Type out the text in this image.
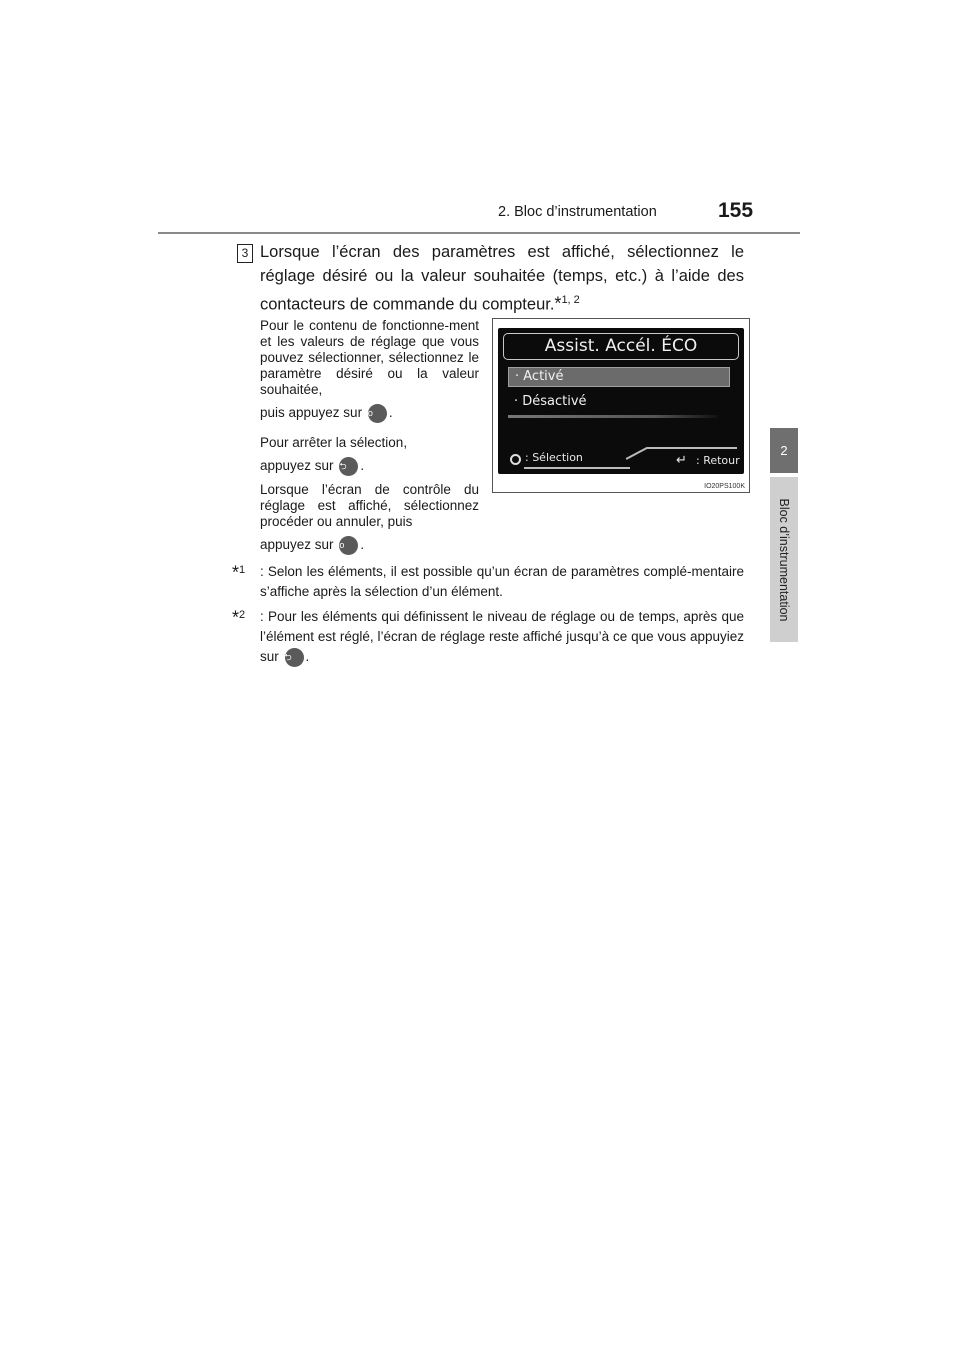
2. Bloc d’instrumentation	155
2
Bloc d’instrumentation
3 Lorsque l’écran des paramètres est affiché, sélectionnez le réglage désiré ou la valeur souhaitée (temps, etc.) à l’aide des contacteurs de commande du compteur.*$^{1, 2}$
Pour le contenu de fonctionne-ment et les valeurs de réglage que vous pouvez sélectionner, sélectionnez le paramètre désiré ou la valeur souhaitée,
puis appuyez sur o .
Pour arrêter la sélection,
appuyez sur ⮌ .
Lorsque l’écran de contrôle du réglage est affiché, sélectionnez procéder ou annuler, puis
appuyez sur o .
Assist. Accél. ÉCO
· Activé
· Désactivé
: Sélection	↵ : Retour
IO20PS100K
*$^1$ : Selon les éléments, il est possible qu’un écran de paramètres complé-mentaire s’affiche après la sélection d’un élément.
*$^2$ : Pour les éléments qui définissent le niveau de réglage ou de temps, après que l’élément est réglé, l’écran de réglage reste affiché jusqu’à ce que vous appuyiez sur ⮌ .
